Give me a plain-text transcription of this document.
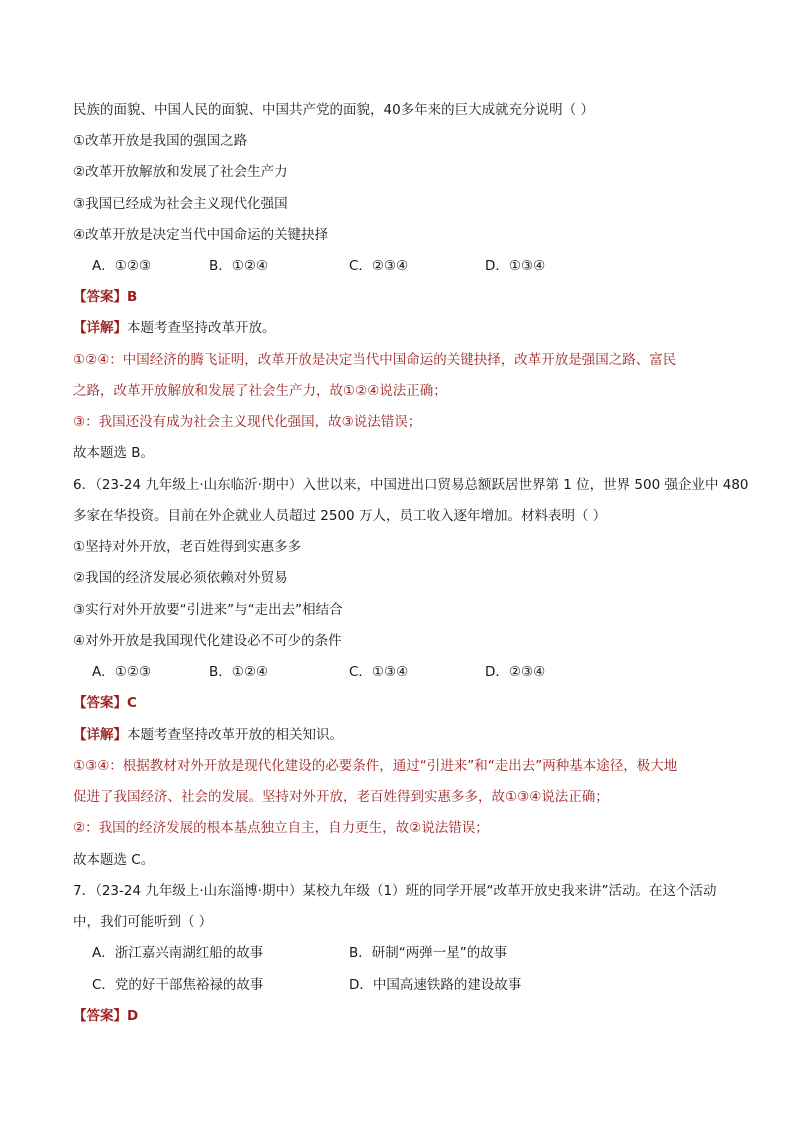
民族的面貌、中国人民的面貌、中国共产党的面貌，40多年来的巨大成就充分说明（ ）
①改革开放是我国的强国之路
②改革开放解放和发展了社会生产力
③我国已经成为社会主义现代化强国
④改革开放是决定当代中国命运的关键抉择
A．①②③	B．①②④	C．②③④	D．①③④
【答案】B
【详解】本题考查坚持改革开放。
①②④：中国经济的腾飞证明，改革开放是决定当代中国命运的关键抉择，改革开放是强国之路、富民
之路，改革开放解放和发展了社会生产力，故①②④说法正确；
③：我国还没有成为社会主义现代化强国，故③说法错误；
故本题选 B。
6．（23-24 九年级上·山东临沂·期中）入世以来，中国进出口贸易总额跃居世界第 1 位，世界 500 强企业中 480
多家在华投资。目前在外企就业人员超过 2500 万人，员工收入逐年增加。材料表明（ ）
①坚持对外开放，老百姓得到实惠多多
②我国的经济发展必须依赖对外贸易
③实行对外开放要“引进来”与“走出去”相结合
④对外开放是我国现代化建设必不可少的条件
A．①②③	B．①②④	C．①③④	D．②③④
【答案】C
【详解】本题考查坚持改革开放的相关知识。
①③④：根据教材对外开放是现代化建设的必要条件，通过“引进来”和“走出去”两种基本途径，极大地
促进了我国经济、社会的发展。坚持对外开放，老百姓得到实惠多多，故①③④说法正确；
②：我国的经济发展的根本基点独立自主，自力更生，故②说法错误；
故本题选 C。
7．（23-24 九年级上·山东淄博·期中）某校九年级（1）班的同学开展“改革开放史我来讲”活动。在这个活动
中，我们可能听到（ ）
A．浙江嘉兴南湖红船的故事	B．研制“两弹一星”的故事
C．党的好干部焦裕禄的故事	D．中国高速铁路的建设故事
【答案】D
